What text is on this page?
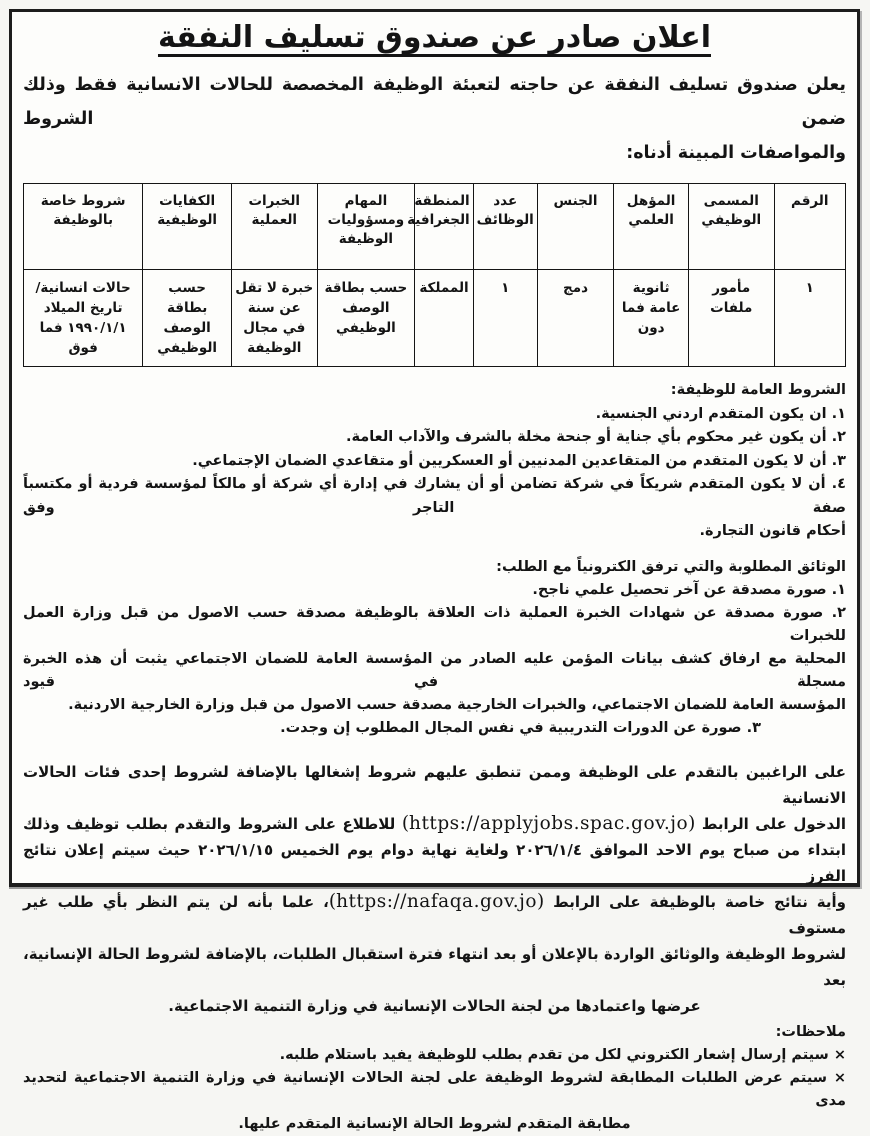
اعلان صادر عن صندوق تسليف النفقة
يعلن صندوق تسليف النفقة عن حاجته لتعبئة الوظيفة المخصصة للحالات الانسانية فقط وذلك ضمن الشروط
والمواصفات المبينة أدناه:
الرقم	المسمى الوظيفي	المؤهل العلمي	الجنس	عدد الوظائف	المنطقة الجغرافية	المهام ومسؤوليات الوظيفة	الخبرات العملية	الكفايات الوظيفية	شروط خاصة بالوظيفة
١	مأمور ملفات	ثانوية عامة فما دون	دمج	١	المملكة	حسب بطاقة الوصف الوظيفي	خبرة لا تقل عن سنة في مجال الوظيفة	حسب بطاقة الوصف الوظيفي	حالات انسانية/ تاريخ الميلاد ١٩٩٠/١/١ فما فوق
الشروط العامة للوظيفة:
١. ان يكون المتقدم اردني الجنسية.
٢. أن يكون غير محكوم بأي جناية أو جنحة مخلة بالشرف والآداب العامة.
٣. أن لا يكون المتقدم من المتقاعدين المدنيين أو العسكريين أو متقاعدي الضمان الإجتماعي.
٤. أن لا يكون المتقدم شريكاً في شركة تضامن أو أن يشارك في إدارة أي شركة أو مالكاً لمؤسسة فردية أو مكتسباً صفة التاجر وفق
أحكام قانون التجارة.
الوثائق المطلوبة والتي ترفق الكترونياً مع الطلب:
١. صورة مصدقة عن آخر تحصيل علمي ناجح.
٢. صورة مصدقة عن شهادات الخبرة العملية ذات العلاقة بالوظيفة مصدقة حسب الاصول من قبل وزارة العمل للخبرات
المحلية مع ارفاق كشف بيانات المؤمن عليه الصادر من المؤسسة العامة للضمان الاجتماعي يثبت أن هذه الخبرة مسجلة في قيود
المؤسسة العامة للضمان الاجتماعي، والخبرات الخارجية مصدقة حسب الاصول من قبل وزارة الخارجية الاردنية.
٣. صورة عن الدورات التدريبية في نفس المجال المطلوب إن وجدت.
على الراغبين بالتقدم على الوظيفة وممن تنطبق عليهم شروط إشغالها بالإضافة لشروط إحدى فئات الحالات الانسانية
الدخول على الرابط (https://applyjobs.spac.gov.jo) للاطلاع على الشروط والتقدم بطلب توظيف وذلك
ابتداء من صباح يوم الاحد الموافق ٢٠٢٦/١/٤ ولغاية نهاية دوام يوم الخميس ٢٠٢٦/١/١٥ حيث سيتم إعلان نتائج الفرز
وأية نتائج خاصة بالوظيفة على الرابط (https://nafaqa.gov.jo)، علما بأنه لن يتم النظر بأي طلب غير مستوف
لشروط الوظيفة والوثائق الواردة بالإعلان أو بعد انتهاء فترة استقبال الطلبات، بالإضافة لشروط الحالة الإنسانية، بعد
عرضها واعتمادها من لجنة الحالات الإنسانية في وزارة التنمية الاجتماعية.
ملاحظات:
× سيتم إرسال إشعار الكتروني لكل من تقدم بطلب للوظيفة يفيد باستلام طلبه.
× سيتم عرض الطلبات المطابقة لشروط الوظيفة على لجنة الحالات الإنسانية في وزارة التنمية الاجتماعية لتحديد مدى
مطابقة المتقدم لشروط الحالة الإنسانية المتقدم عليها.
